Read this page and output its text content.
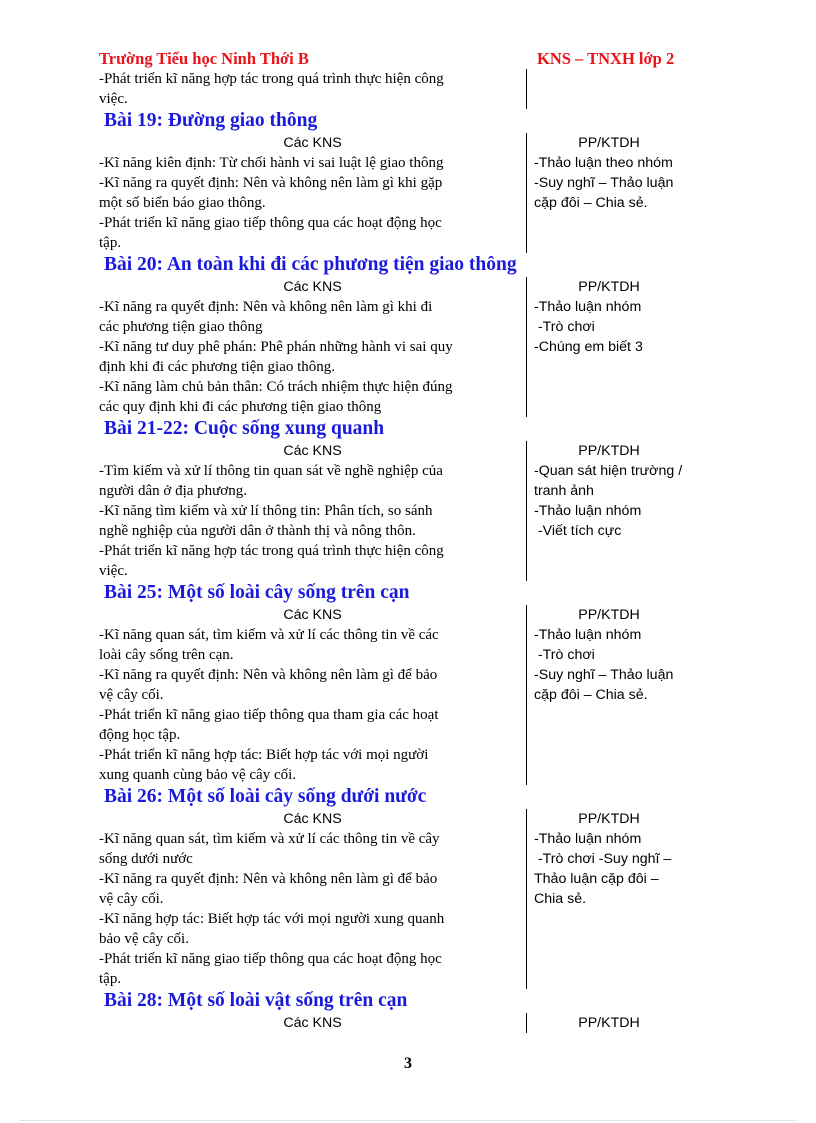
Trường Tiểu học Ninh Thới B	KNS – TNXH lớp 2
-Phát triển kĩ năng hợp tác trong quá trình thực hiện công
việc.
Bài 19: Đường giao thông
Các KNS
-Kĩ năng kiên định: Từ chối hành vi sai luật lệ giao thông
-Kĩ năng ra quyết định: Nên và không nên làm gì khi gặp
một số biển báo giao thông.
-Phát triển kĩ năng giao tiếp thông qua các hoạt động học
tập.
PP/KTDH
-Thảo luận theo nhóm
-Suy nghĩ – Thảo luận
cặp đôi – Chia sẻ.
Bài 20: An toàn khi đi các phương tiện giao thông
Các KNS
-Kĩ năng ra quyết định: Nên và không nên làm gì khi đi
các phương tiện giao thông
-Kĩ năng tư duy phê phán: Phê phán những hành vi sai quy
định khi đi các phương tiện giao thông.
-Kĩ năng làm chủ bản thân: Có trách nhiệm thực hiện đúng
các quy định khi đi các phương tiện giao thông
PP/KTDH
-Thảo luận nhóm
-Trò chơi
-Chúng em biết 3
Bài 21-22: Cuộc sống xung quanh
Các KNS
-Tìm kiếm và xử lí thông tin quan sát về nghề nghiệp của
người dân ở địa phương.
-Kĩ năng tìm kiếm và xử lí thông tin: Phân tích, so sánh
nghề nghiệp của người dân ở thành thị và nông thôn.
-Phát triển kĩ năng hợp tác trong quá trình thực hiện công
việc.
PP/KTDH
-Quan sát hiện trường /
tranh ảnh
-Thảo luận nhóm
-Viết tích cực
Bài 25: Một số loài cây sống trên cạn
Các KNS
-Kĩ năng quan sát, tìm kiếm và xử lí các thông tin về các
loài cây sống trên cạn.
-Kĩ năng ra quyết định: Nên và không nên làm gì để bảo
vệ cây cối.
-Phát triển kĩ năng giao tiếp thông qua tham gia các hoạt
động học tập.
-Phát triển kĩ năng hợp tác: Biết hợp tác với mọi người
xung quanh cùng bảo vệ cây cối.
PP/KTDH
-Thảo luận nhóm
-Trò chơi
-Suy nghĩ – Thảo luận
cặp đôi – Chia sẻ.
Bài 26: Một số loài cây sống dưới nước
Các KNS
-Kĩ năng quan sát, tìm kiếm và xử lí các thông tin về cây
sống dưới nước
-Kĩ năng ra quyết định: Nên và không nên làm gì để bảo
vệ cây cối.
-Kĩ năng hợp tác: Biết hợp tác với mọi người xung quanh
bảo vệ cây cối.
-Phát triển kĩ năng giao tiếp thông qua các hoạt động học
tập.
PP/KTDH
-Thảo luận nhóm
-Trò chơi -Suy nghĩ –
Thảo luận cặp đôi –
Chia sẻ.
Bài 28: Một số loài vật sống trên cạn
Các KNS	PP/KTDH
3
